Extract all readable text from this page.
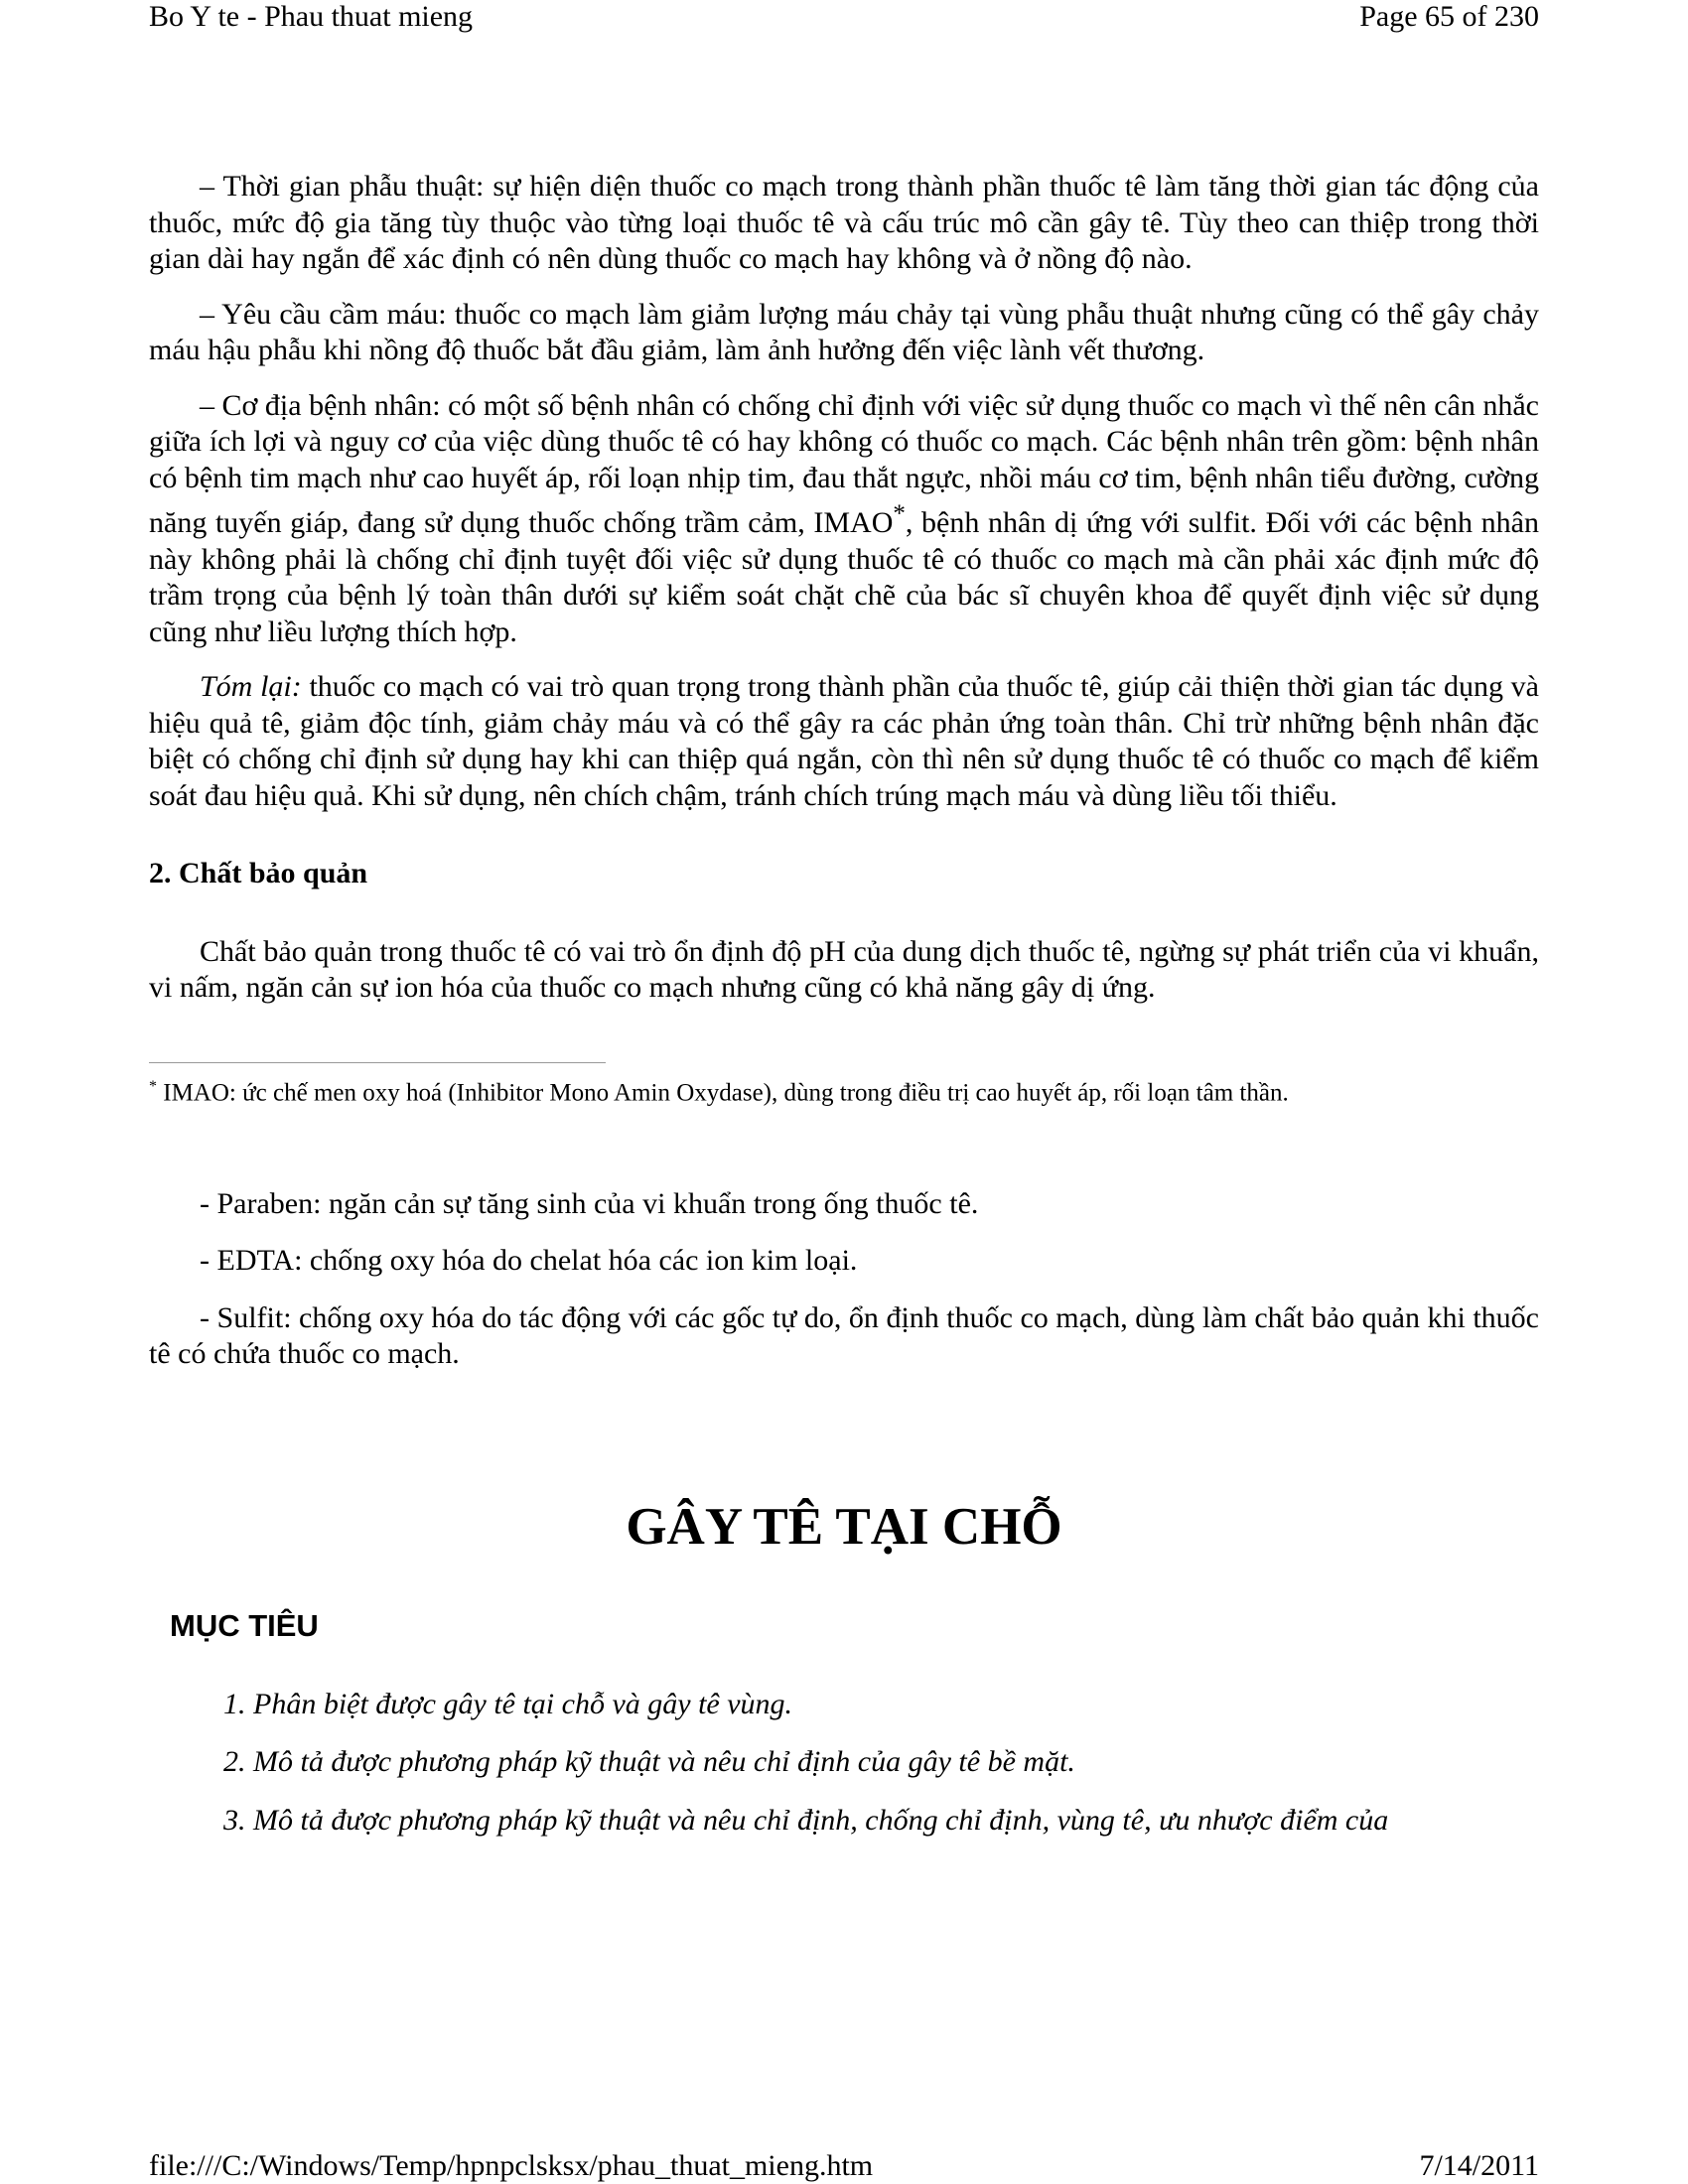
Bo Y te - Phau thuat mieng	Page 65 of 230

– Thời gian phẫu thuật: sự hiện diện thuốc co mạch trong thành phần thuốc tê làm tăng thời gian tác động của thuốc, mức độ gia tăng tùy thuộc vào từng loại thuốc tê và cấu trúc mô cần gây tê. Tùy theo can thiệp trong thời gian dài hay ngắn để xác định có nên dùng thuốc co mạch hay không và ở nồng độ nào.

– Yêu cầu cầm máu: thuốc co mạch làm giảm lượng máu chảy tại vùng phẫu thuật nhưng cũng có thể gây chảy máu hậu phẫu khi nồng độ thuốc bắt đầu giảm, làm ảnh hưởng đến việc lành vết thương.

– Cơ địa bệnh nhân: có một số bệnh nhân có chống chỉ định với việc sử dụng thuốc co mạch vì thế nên cân nhắc giữa ích lợi và nguy cơ của việc dùng thuốc tê có hay không có thuốc co mạch. Các bệnh nhân trên gồm: bệnh nhân có bệnh tim mạch như cao huyết áp, rối loạn nhịp tim, đau thắt ngực, nhồi máu cơ tim, bệnh nhân tiểu đường, cường năng tuyến giáp, đang sử dụng thuốc chống trầm cảm, IMAO*, bệnh nhân dị ứng với sulfit. Đối với các bệnh nhân này không phải là chống chỉ định tuyệt đối việc sử dụng thuốc tê có thuốc co mạch mà cần phải xác định mức độ trầm trọng của bệnh lý toàn thân dưới sự kiểm soát chặt chẽ của bác sĩ chuyên khoa để quyết định việc sử dụng cũng như liều lượng thích hợp.

Tóm lại: thuốc co mạch có vai trò quan trọng trong thành phần của thuốc tê, giúp cải thiện thời gian tác dụng và hiệu quả tê, giảm độc tính, giảm chảy máu và có thể gây ra các phản ứng toàn thân. Chỉ trừ những bệnh nhân đặc biệt có chống chỉ định sử dụng hay khi can thiệp quá ngắn, còn thì nên sử dụng thuốc tê có thuốc co mạch để kiểm soát đau hiệu quả. Khi sử dụng, nên chích chậm, tránh chích trúng mạch máu và dùng liều tối thiểu.

2. Chất bảo quản

Chất bảo quản trong thuốc tê có vai trò ổn định độ pH của dung dịch thuốc tê, ngừng sự phát triển của vi khuẩn, vi nấm, ngăn cản sự ion hóa của thuốc co mạch nhưng cũng có khả năng gây dị ứng.

* IMAO: ức chế men oxy hoá (Inhibitor Mono Amin Oxydase), dùng trong điều trị cao huyết áp, rối loạn tâm thần.

- Paraben: ngăn cản sự tăng sinh của vi khuẩn trong ống thuốc tê.

- EDTA: chống oxy hóa do chelat hóa các ion kim loại.

- Sulfit: chống oxy hóa do tác động với các gốc tự do, ổn định thuốc co mạch, dùng làm chất bảo quản khi thuốc tê có chứa thuốc co mạch.

GÂY TÊ TẠI CHỖ
MỤC TIÊU
1. Phân biệt được gây tê tại chỗ và gây tê vùng.
2. Mô tả được phương pháp kỹ thuật và nêu chỉ định của gây tê bề mặt.
3. Mô tả được phương pháp kỹ thuật và nêu chỉ định, chống chỉ định, vùng tê, ưu nhược điểm của
file:///C:/Windows/Temp/hpnpclsksx/phau_thuat_mieng.htm	7/14/2011
